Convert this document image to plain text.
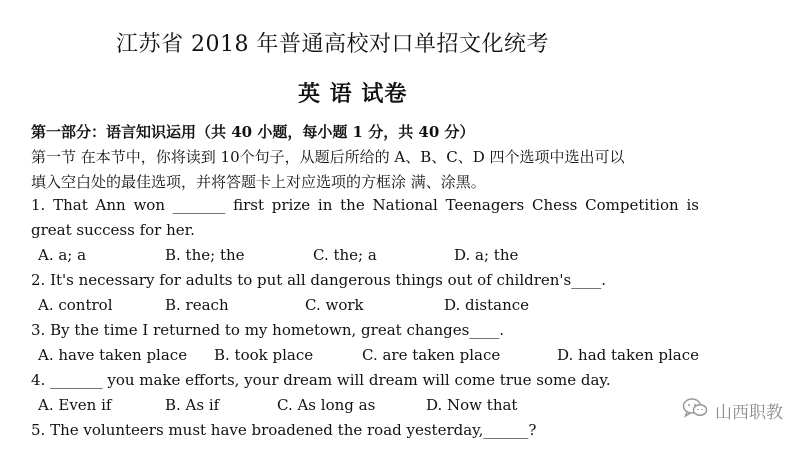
江苏省 2018 年普通高校对口单招文化统考
英 语 试卷
第一部分：语言知识运用（共 40 小题，每小题 1 分，共 40 分）
第一节 在本节中，你将读到 10个句子，从题后所给的 A、B、C、D 四个选项中选出可以
填入空白处的最佳选项，并将答题卡上对应选项的方框涂 满、涂黑。
1. That Ann won _______ first prize in the National Teenagers Chess Competition is
great success for her.
A. a; a	B. the; the	C. the; a	D. a; the
2. It's necessary for adults to put all dangerous things out of children's____.
A. control	B. reach	C. work	D. distance
3. By the time I returned to my hometown, great changes____.
A. have taken place B. took place	C. are taken place	D. had taken place
4. _______ you make efforts, your dream will dream will come true some day.
A. Even if	B. As if	C. As long as	D. Now that
5. The volunteers must have broadened the road yesterday,______?
山西职教
